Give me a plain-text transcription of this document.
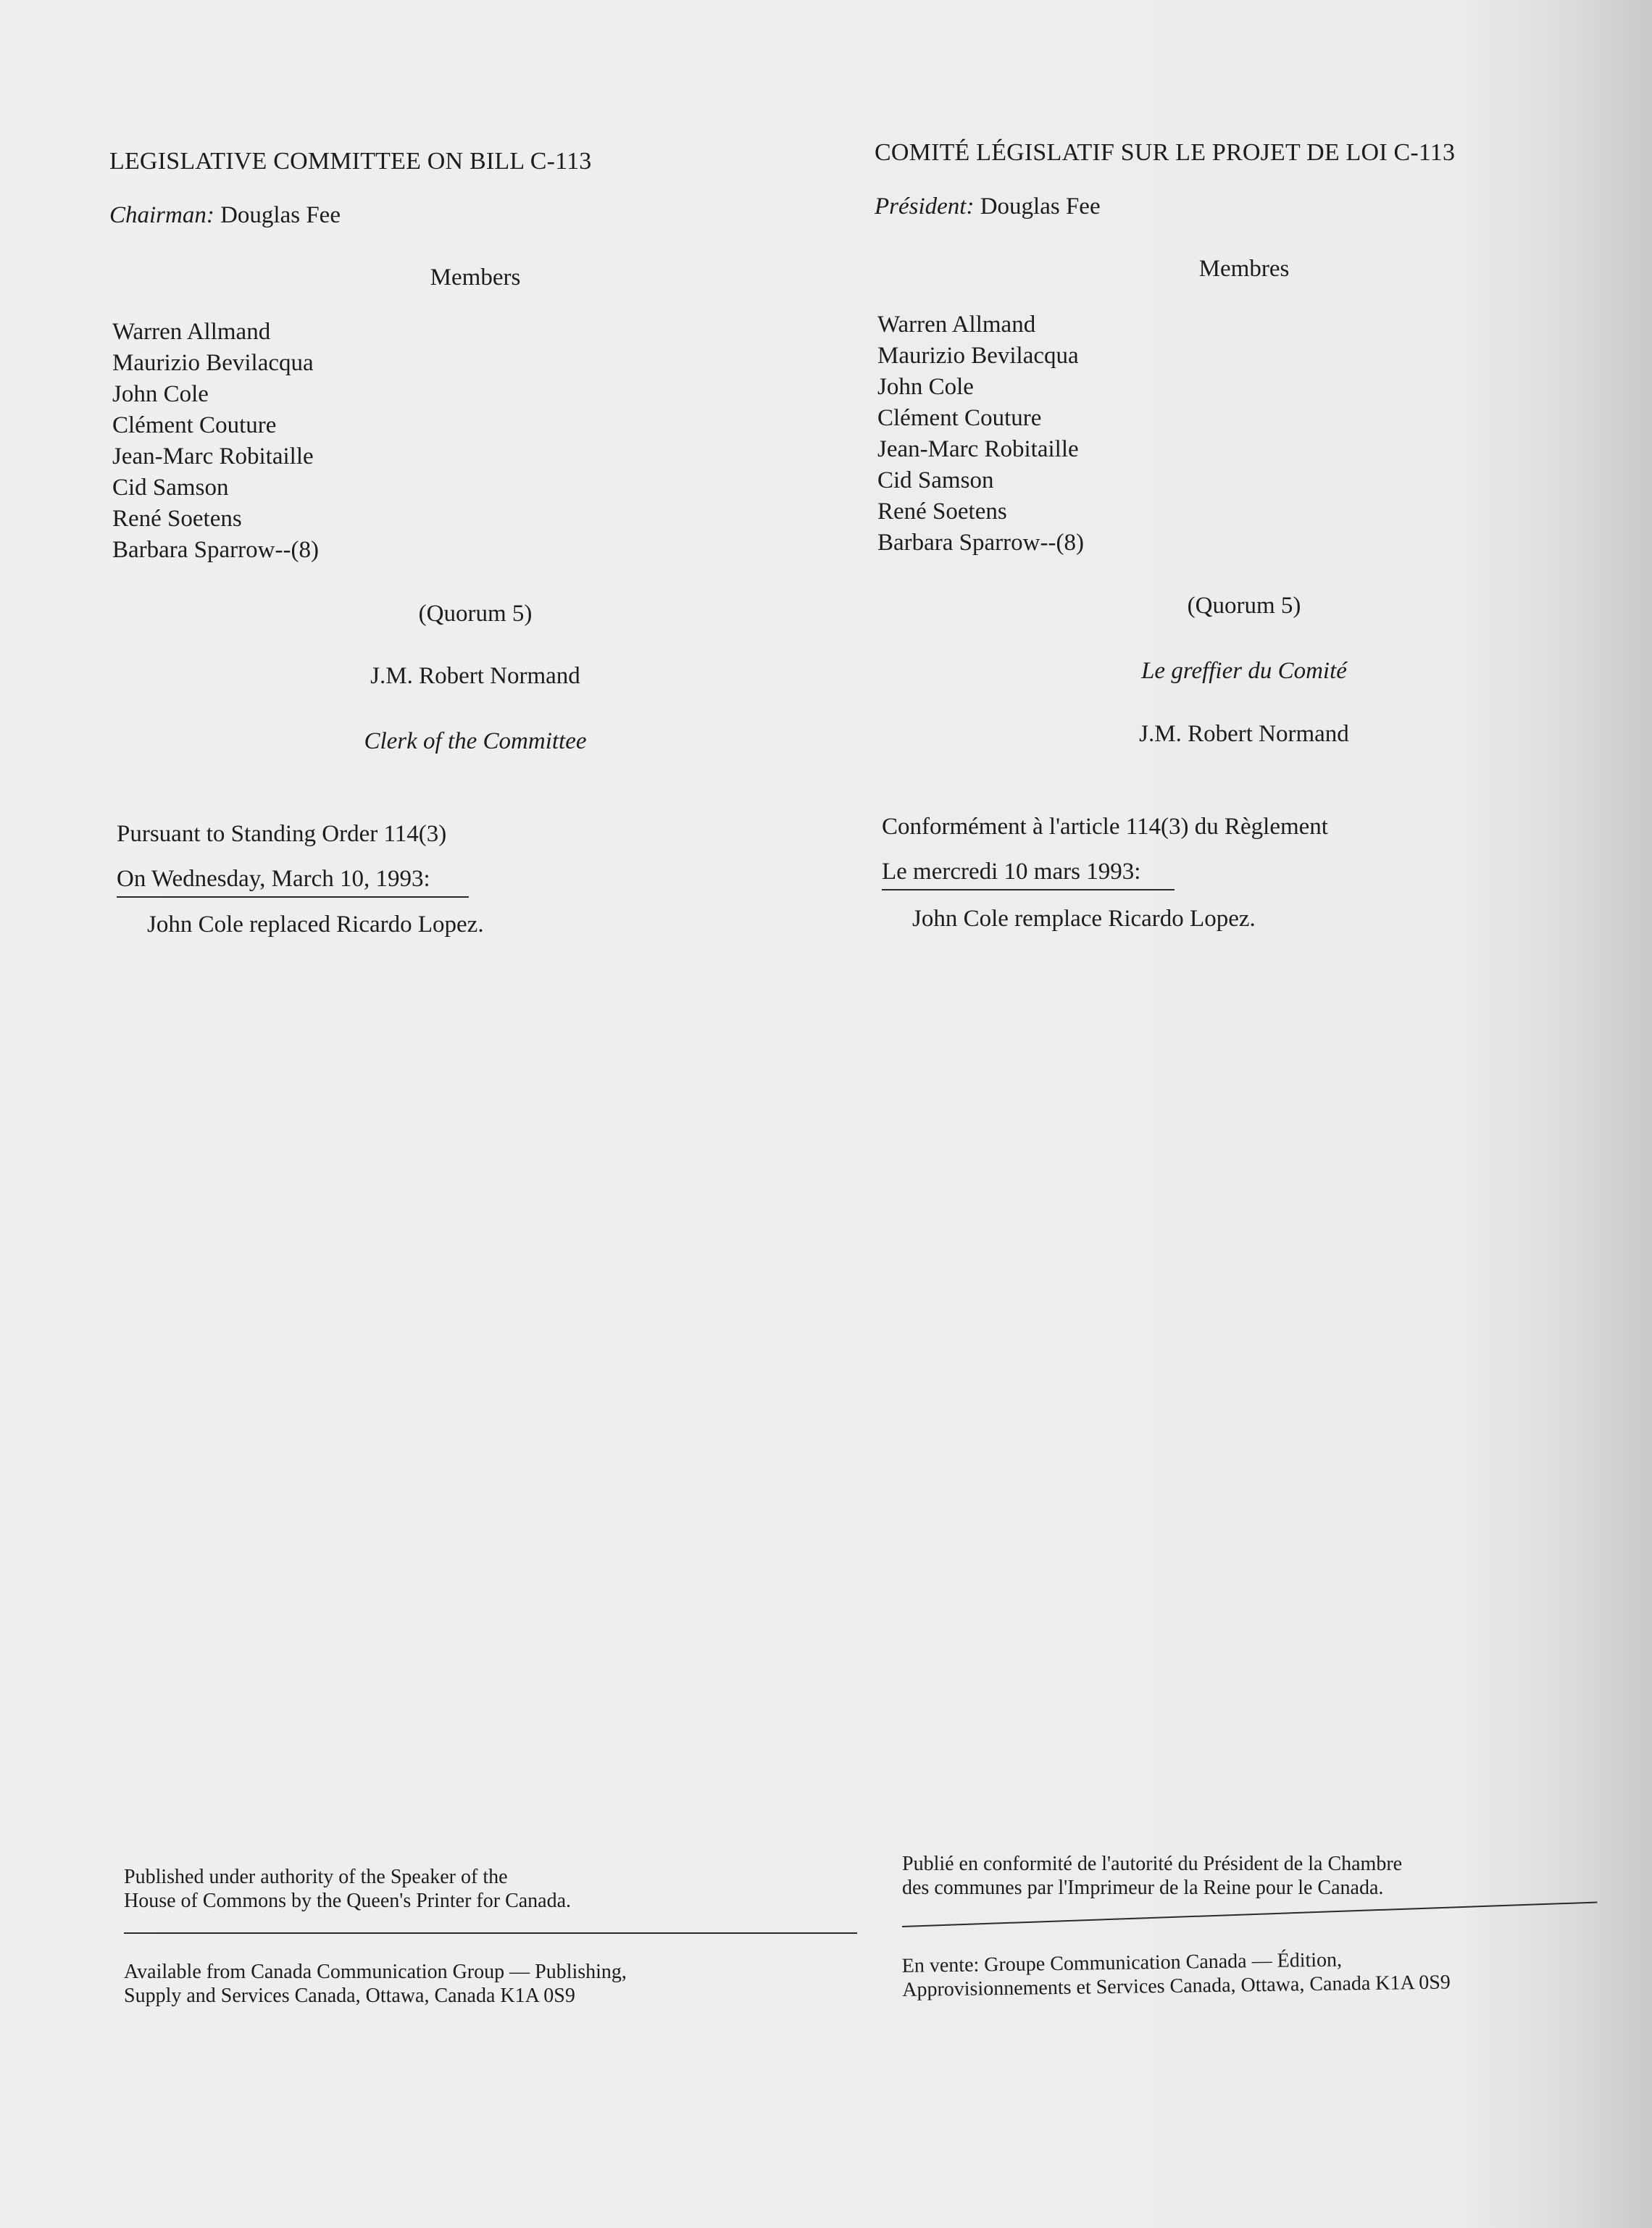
LEGISLATIVE COMMITTEE ON BILL C-113
Chairman: Douglas Fee
Members
Warren Allmand
Maurizio Bevilacqua
John Cole
Clément Couture
Jean-Marc Robitaille
Cid Samson
René Soetens
Barbara Sparrow--(8)
(Quorum 5)
J.M. Robert Normand
Clerk of the Committee
Pursuant to Standing Order 114(3)
On Wednesday, March 10, 1993:
John Cole replaced Ricardo Lopez.
COMITÉ LÉGISLATIF SUR LE PROJET DE LOI C-113
Président: Douglas Fee
Membres
Warren Allmand
Maurizio Bevilacqua
John Cole
Clément Couture
Jean-Marc Robitaille
Cid Samson
René Soetens
Barbara Sparrow--(8)
(Quorum 5)
Le greffier du Comité
J.M. Robert Normand
Conformément à l'article 114(3) du Règlement
Le mercredi 10 mars 1993:
John Cole remplace Ricardo Lopez.
Published under authority of the Speaker of the
House of Commons by the Queen's Printer for Canada.
Available from Canada Communication Group — Publishing,
Supply and Services Canada, Ottawa, Canada K1A 0S9
Publié en conformité de l'autorité du Président de la Chambre
des communes par l'Imprimeur de la Reine pour le Canada.
En vente: Groupe Communication Canada — Édition,
Approvisionnements et Services Canada, Ottawa, Canada K1A 0S9
